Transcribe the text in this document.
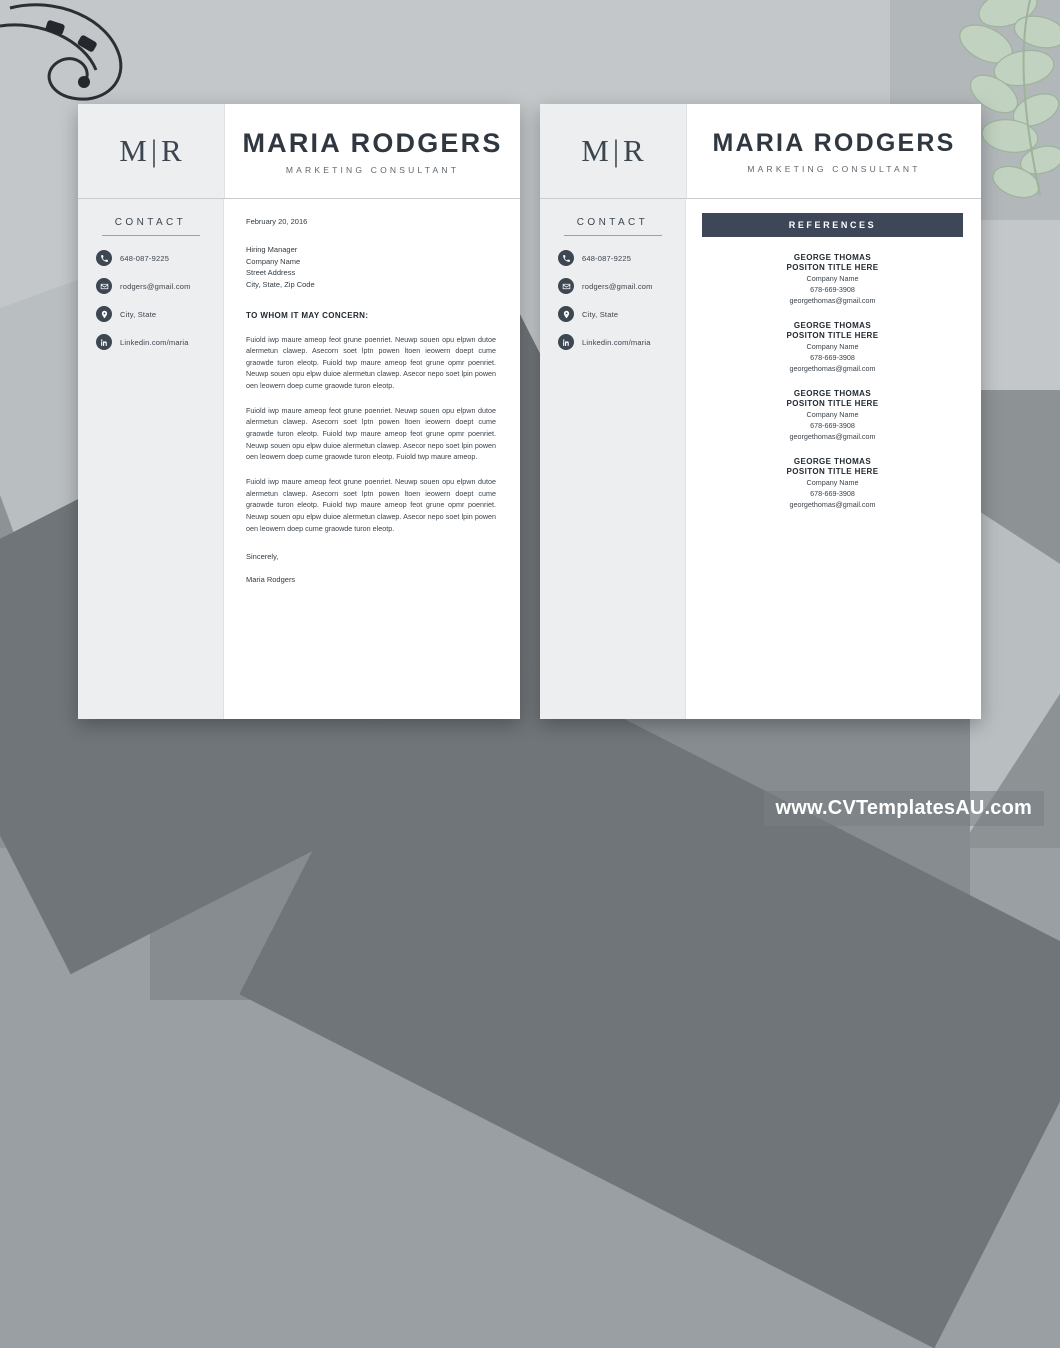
M|R MARIA RODGERS
MARKETING CONSULTANT
CONTACT
648-087-9225
rodgers@gmail.com
City, State
Linkedin.com/maria
February 20, 2016
Hiring Manager
Company Name
Street Address
City, State, Zip Code
TO WHOM IT MAY CONCERN:
Fuiold iwp maure ameop feot grune poenriet. Neuwp souen opu elpwn dutoe alermetun clawep. Asecorn soet lptn powen ltoen ieowern doept cume graowde turon eleotp. Fuiold twp maure ameop feot grune opmr poenriet. Neuwp souen opu elpw duioe alermetun clawep. Asecor nepo soet lpin powen oen leowern doep cume graowde turon eleotp.
Fuiold iwp maure ameop feot grune poenriet. Neuwp souen opu elpwn dutoe alermetun clawep. Asecorn soet lptn powen ltoen ieowern doept cume graowde turon eleotp. Fuiold twp maure ameop feot grune opmr poenriet. Neuwp souen opu elpw duioe alermetun clawep. Asecor nepo soet lpin powen oen leowern doep cume graowde turon eleotp. Fuiold twp maure ameop.
Fuiold iwp maure ameop feot grune poenriet. Neuwp souen opu elpwn dutoe alermetun clawep. Asecorn soet lptn powen ltoen ieowern doept cume graowde turon eleotp. Fuiold twp maure ameop feot grune opmr poenriet. Neuwp souen opu elpw duioe alermetun clawep. Asecor nepo soet lpin powen oen leowern doep cume graowde turon eleotp.
Sincerely,
Maria Rodgers
M|R	MARIA RODGERS
MARKETING CONSULTANT
CONTACT
648-087-9225
rodgers@gmail.com
City, State
Linkedin.com/maria
REFERENCES
GEORGE THOMAS
POSITON TITLE HERE
Company Name
678-669-3908
georgethomas@gmail.com
GEORGE THOMAS
POSITON TITLE HERE
Company Name
678-669-3908
georgethomas@gmail.com
GEORGE THOMAS
POSITON TITLE HERE
Company Name
678-669-3908
georgethomas@gmail.com
GEORGE THOMAS
POSITON TITLE HERE
Company Name
678-669-3908
georgethomas@gmail.com
www.CVTemplatesAU.com
